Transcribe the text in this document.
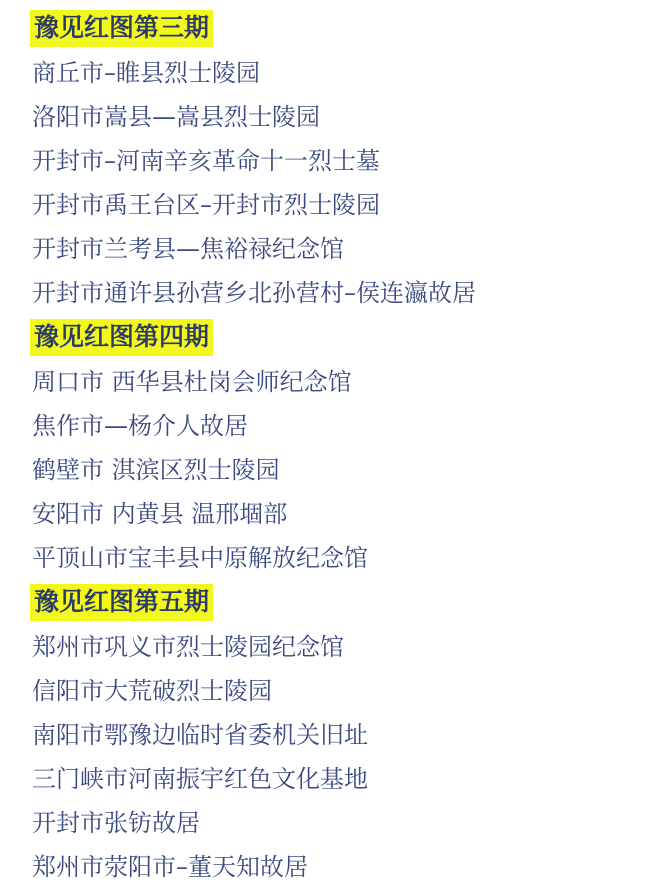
豫见红图第三期
商丘市–睢县烈士陵园
洛阳市嵩县—嵩县烈士陵园
开封市–河南辛亥革命十一烈士墓
开封市禹王台区–开封市烈士陵园
开封市兰考县—焦裕禄纪念馆
开封市通许县孙营乡北孙营村–侯连瀛故居
豫见红图第四期
周口市 西华县杜岗会师纪念馆
焦作市—杨介人故居
鹤壁市 淇滨区烈士陵园
安阳市 内黄县 温邢堌部
平顶山市宝丰县中原解放纪念馆
豫见红图第五期
郑州市巩义市烈士陵园纪念馆
信阳市大荒破烈士陵园
南阳市鄂豫边临时省委机关旧址
三门峡市河南振宇红色文化基地
开封市张钫故居
郑州市荥阳市–董天知故居
